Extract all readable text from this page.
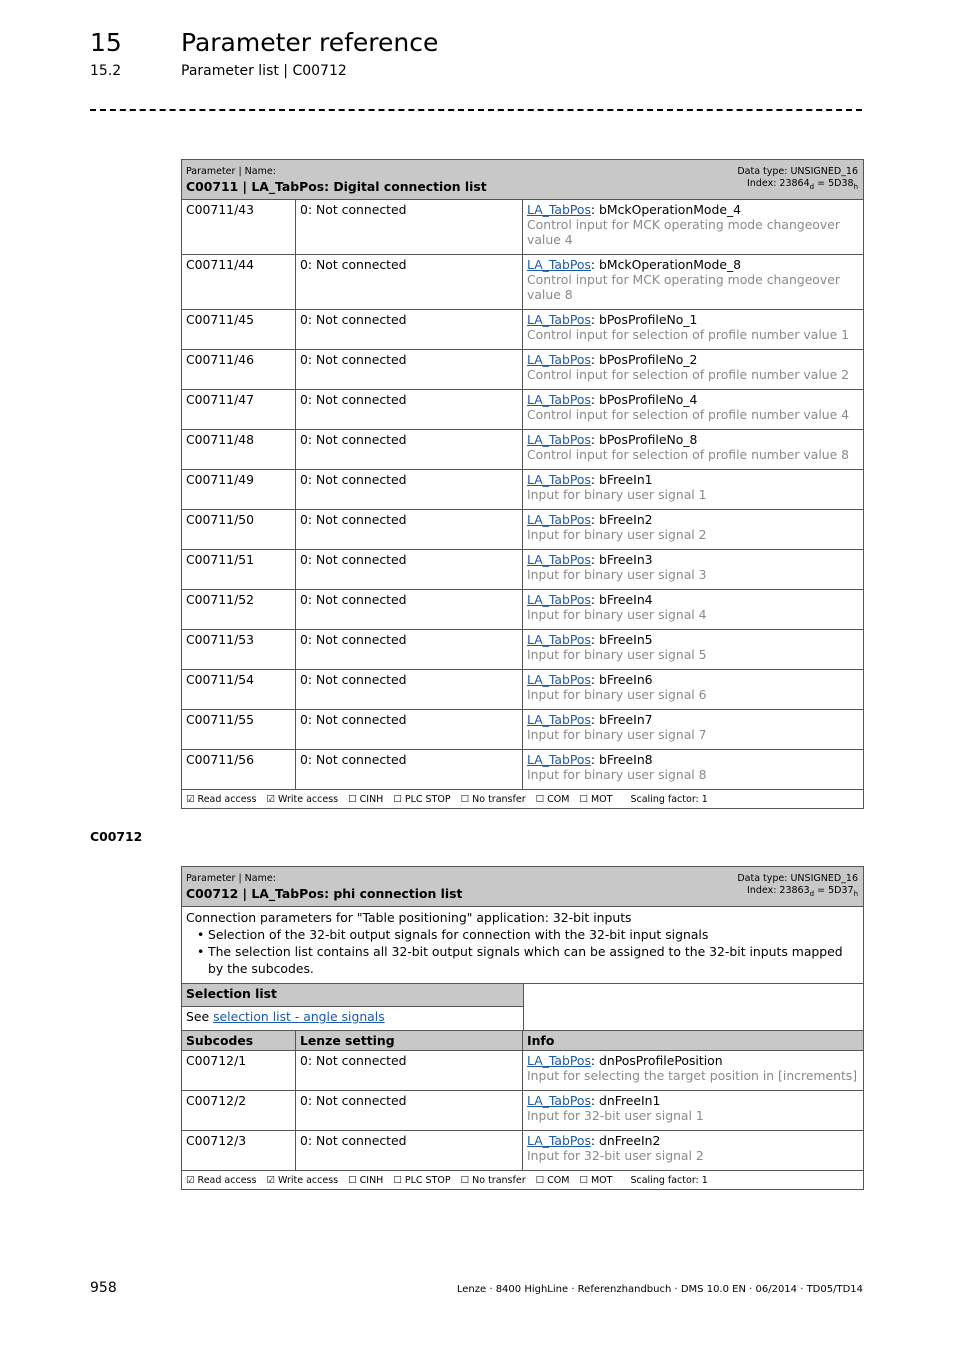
15 Parameter reference
15.2	Parameter list | C00712
Parameter | Name:
C00711 | LA_TabPos: Digital connection list
Data type: UNSIGNED_16
Index: $23864_d = 5D38_h$
C00711/43	0: Not connected	LA_TabPos: bMckOperationMode_4
Control input for MCK operating mode changeover value 4
C00711/44	0: Not connected	LA_TabPos: bMckOperationMode_8
Control input for MCK operating mode changeover value 8
C00711/45	0: Not connected	LA_TabPos: bPosProfileNo_1
Control input for selection of profile number value 1
C00711/46	0: Not connected	LA_TabPos: bPosProfileNo_2
Control input for selection of profile number value 2
C00711/47	0: Not connected	LA_TabPos: bPosProfileNo_4
Control input for selection of profile number value 4
C00711/48	0: Not connected	LA_TabPos: bPosProfileNo_8
Control input for selection of profile number value 8
C00711/49	0: Not connected	LA_TabPos: bFreeIn1
Input for binary user signal 1
C00711/50	0: Not connected	LA_TabPos: bFreeIn2
Input for binary user signal 2
C00711/51	0: Not connected	LA_TabPos: bFreeIn3
Input for binary user signal 3
C00711/52	0: Not connected	LA_TabPos: bFreeIn4
Input for binary user signal 4
C00711/53	0: Not connected	LA_TabPos: bFreeIn5
Input for binary user signal 5
C00711/54	0: Not connected	LA_TabPos: bFreeIn6
Input for binary user signal 6
C00711/55	0: Not connected	LA_TabPos: bFreeIn7
Input for binary user signal 7
C00711/56	0: Not connected	LA_TabPos: bFreeIn8
Input for binary user signal 8
☑ Read access ☑ Write access ☐ CINH ☐ PLC STOP ☐ No transfer ☐ COM ☐ MOT Scaling factor: 1
C00712
Parameter | Name:
C00712 | LA_TabPos: phi connection list
Data type: UNSIGNED_16
Index: $23863_d = 5D37_h$
Connection parameters for "Table positioning" application: 32-bit inputs
• Selection of the 32-bit output signals for connection with the 32-bit input signals
• The selection list contains all 32-bit output signals which can be assigned to the 32-bit inputs mapped by the subcodes.
Selection list
See selection list - angle signals
Subcodes	Lenze setting	Info
C00712/1	0: Not connected	LA_TabPos: dnPosProfilePosition
Input for selecting the target position in [increments]
C00712/2	0: Not connected	LA_TabPos: dnFreeIn1
Input for 32-bit user signal 1
C00712/3	0: Not connected	LA_TabPos: dnFreeIn2
Input for 32-bit user signal 2
☑ Read access ☑ Write access ☐ CINH ☐ PLC STOP ☐ No transfer ☐ COM ☐ MOT Scaling factor: 1
958	Lenze · 8400 HighLine · Referenzhandbuch · DMS 10.0 EN · 06/2014 · TD05/TD14
